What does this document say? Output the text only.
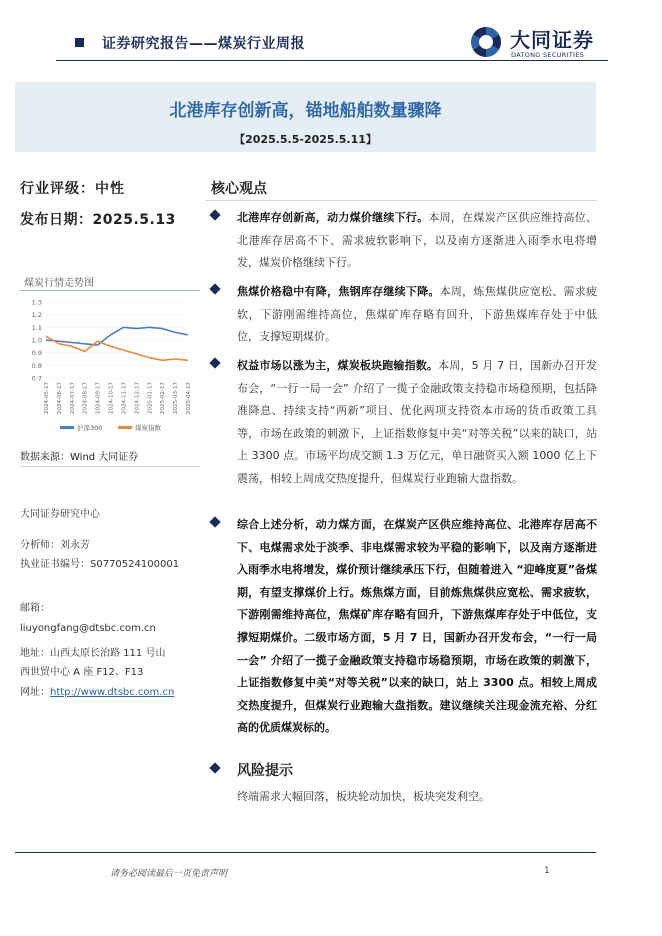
证券研究报告——煤炭行业周报	大同证券
DATONG SECURITIES
北港库存创新高，锚地船舶数量骤降
【2025.5.5-2025.5.11】
行业评级：中性
发布日期：2025.5.13
煤炭行情走势图
0.7
0.8
0.9
1.0
1.1
1.2
1.3
2024-05-17 2024-06-17 2024-07-17 2024-08-17 2024-09-17 2024-10-17 2024-11-17 2024-12-17 2025-01-17 2025-02-17 2025-03-17 2025-04-17
沪深300	煤炭指数
数据来源：Wind 大同证券
大同证券研究中心
分析师：刘永芳
执业证书编号：S0770524100001
邮箱：
liuyongfang@dtsbc.com.cn
地址：山西太原长治路 111 号山
西世贸中心 A 座 F12、F13
网址：http://www.dtsbc.com.cn
核心观点
北港库存创新高，动力煤价继续下行。本周，在煤炭产区供应维持高位、北港库存居高不下、需求疲软影响下，以及南方逐渐进入雨季水电将增发，煤炭价格继续下行。
焦煤价格稳中有降，焦钢库存继续下降。本周，炼焦煤供应宽松、需求疲软，下游刚需维持高位，焦煤矿库存略有回升，下游焦煤库存处于中低位，支撑短期煤价。
权益市场以涨为主，煤炭板块跑输指数。本周，5 月 7 日，国新办召开发布会，“一行一局一会” 介绍了一揽子金融政策支持稳市场稳预期，包括降准降息、持续支持“两新”项目、优化两项支持资本市场的货币政策工具等，市场在政策的刺激下，上证指数修复中美“对等关税”以来的缺口，站上 3300 点。市场平均成交额 1.3 万亿元，单日融资买入额 1000 亿上下震荡，相较上周成交热度提升，但煤炭行业跑输大盘指数。
综合上述分析，动力煤方面，在煤炭产区供应维持高位、北港库存居高不下、电煤需求处于淡季、非电煤需求较为平稳的影响下，以及南方逐渐进入雨季水电将增发，煤价预计继续承压下行，但随着进入 “迎峰度夏”备煤期，有望支撑煤价上行。炼焦煤方面，目前炼焦煤供应宽松、需求疲软，下游刚需维持高位，焦煤矿库存略有回升，下游焦煤库存处于中低位，支撑短期煤价。二级市场方面，5 月 7 日，国新办召开发布会，“一行一局一会” 介绍了一揽子金融政策支持稳市场稳预期，市场在政策的刺激下，上证指数修复中美“对等关税”以来的缺口，站上 3300 点。相较上周成交热度提升，但煤炭行业跑输大盘指数。建议继续关注现金流充裕、分红高的优质煤炭标的。
风险提示
终端需求大幅回落，板块轮动加快，板块突发利空。
请务必阅读最后一页免责声明	1
